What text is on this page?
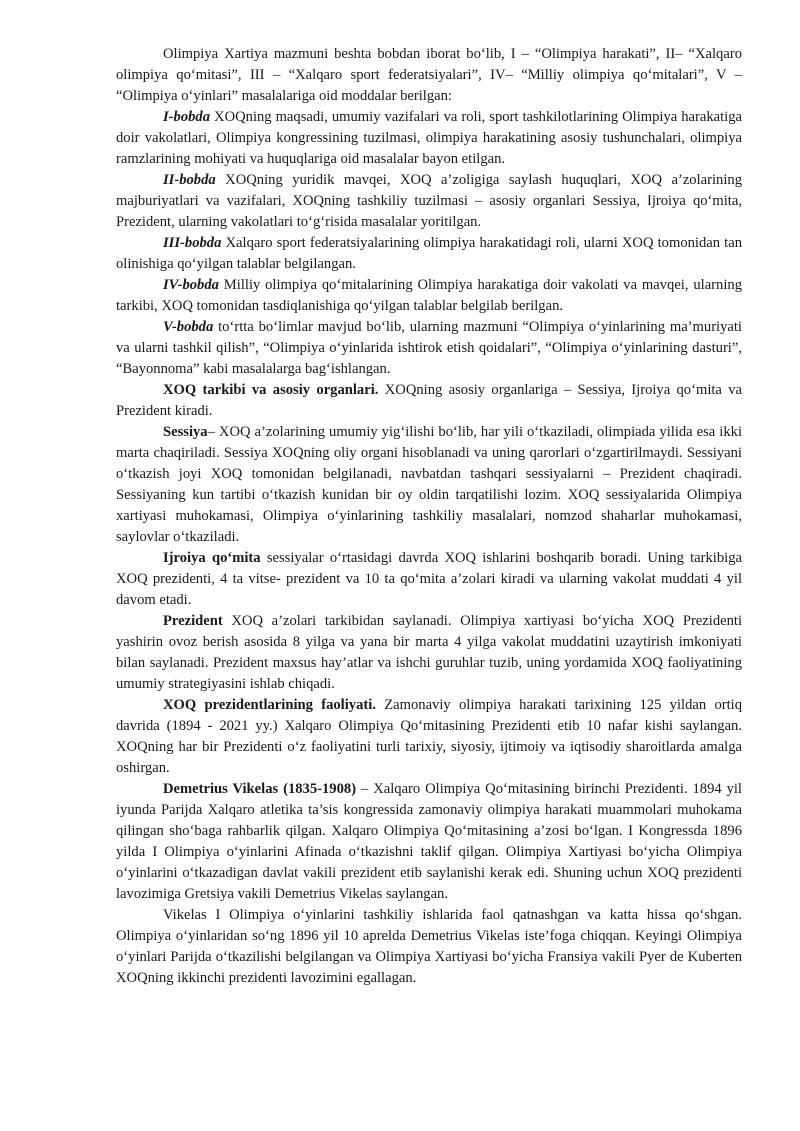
Olimpiya Xartiya mazmuni beshta bobdan iborat boʻlib, I – “Olimpiya harakati”, II– “Xalqaro olimpiya qoʻmitasi”, III – “Xalqaro sport federatsiyalari”, IV– “Milliy olimpiya qoʻmitalari”, V – “Olimpiya oʻyinlari” masalalariga oid moddalar berilgan:

I-bobda XOQning maqsadi, umumiy vazifalari va roli, sport tashkilotlarining Olimpiya harakatiga doir vakolatlari, Olimpiya kongressining tuzilmasi, olimpiya harakatining asosiy tushunchalari, olimpiya ramzlarining mohiyati va huquqlariga oid masalalar bayon etilgan.

II-bobda XOQning yuridik mavqei, XOQ a’zoligiga saylash huquqlari, XOQ a’zolarining majburiyatlari va vazifalari, XOQning tashkiliy tuzilmasi – asosiy organlari Sessiya, Ijroiya qoʻmita, Prezident, ularning vakolatlari toʻgʻrisida masalalar yoritilgan.

III-bobda Xalqaro sport federatsiyalarining olimpiya harakatidagi roli, ularni XOQ tomonidan tan olinishiga qoʻyilgan talablar belgilangan.

IV-bobda Milliy olimpiya qoʻmitalarining Olimpiya harakatiga doir vakolati va mavqei, ularning tarkibi, XOQ tomonidan tasdiqlanishiga qoʻyilgan talablar belgilab berilgan.

V-bobda toʻrtta boʻlimlar mavjud boʻlib, ularning mazmuni “Olimpiya oʻyinlarining ma’muriyati va ularni tashkil qilish”, “Olimpiya oʻyinlarida ishtirok etish qoidalari”, “Olimpiya oʻyinlarining dasturi”, “Bayonnoma” kabi masalalarga bagʻishlangan.

XOQ tarkibi va asosiy organlari. XOQning asosiy organlariga – Sessiya, Ijroiya qoʻmita va Prezident kiradi.

Sessiya– XOQ a’zolarining umumiy yigʻilishi boʻlib, har yili oʻtkaziladi, olimpiada yilida esa ikki marta chaqiriladi. Sessiya XOQning oliy organi hisoblanadi va uning qarorlari oʻzgartirilmaydi. Sessiyani oʻtkazish joyi XOQ tomonidan belgilanadi, navbatdan tashqari sessiyalarni – Prezident chaqiradi. Sessiyaning kun tartibi oʻtkazish kunidan bir oy oldin tarqatilishi lozim. XOQ sessiyalarida Olimpiya xartiyasi muhokamasi, Olimpiya oʻyinlarining tashkiliy masalalari, nomzod shaharlar muhokamasi, saylovlar oʻtkaziladi.

Ijroiya qoʻmita sessiyalar oʻrtasidagi davrda XOQ ishlarini boshqarib boradi. Uning tarkibiga XOQ prezidenti, 4 ta vitse- prezident va 10 ta qoʻmita a’zolari kiradi va ularning vakolat muddati 4 yil davom etadi.

Prezident XOQ a’zolari tarkibidan saylanadi. Olimpiya xartiyasi boʻyicha XOQ Prezidenti yashirin ovoz berish asosida 8 yilga va yana bir marta 4 yilga vakolat muddatini uzaytirish imkoniyati bilan saylanadi. Prezident maxsus hay’atlar va ishchi guruhlar tuzib, uning yordamida XOQ faoliyatining umumiy strategiyasini ishlab chiqadi.

XOQ prezidentlarining faoliyati. Zamonaviy olimpiya harakati tarixining 125 yildan ortiq davrida (1894 - 2021 yy.) Xalqaro Olimpiya Qoʻmitasining Prezidenti etib 10 nafar kishi saylangan. XOQning har bir Prezidenti oʻz faoliyatini turli tarixiy, siyosiy, ijtimoiy va iqtisodiy sharoitlarda amalga oshirgan.

Demetrius Vikelas (1835-1908) – Xalqaro Olimpiya Qoʻmitasining birinchi Prezidenti. 1894 yil iyunda Parijda Xalqaro atletika ta’sis kongressida zamonaviy olimpiya harakati muammolari muhokama qilingan shoʻbaga rahbarlik qilgan. Xalqaro Olimpiya Qoʻmitasining a’zosi boʻlgan. I Kongressda 1896 yilda I Olimpiya oʻyinlarini Afinada oʻtkazishni taklif qilgan. Olimpiya Xartiyasi boʻyicha Olimpiya oʻyinlarini oʻtkazadigan davlat vakili prezident etib saylanishi kerak edi. Shuning uchun XOQ prezidenti lavozimiga Gretsiya vakili Demetrius Vikelas saylangan.

Vikelas I Olimpiya oʻyinlarini tashkiliy ishlarida faol qatnashgan va katta hissa qoʻshgan. Olimpiya oʻyinlaridan soʻng 1896 yil 10 aprelda Demetrius Vikelas iste’foga chiqqan. Keyingi Olimpiya oʻyinlari Parijda oʻtkazilishi belgilangan va Olimpiya Xartiyasi boʻyicha Fransiya vakili Pyer de Kuberten XOQning ikkinchi prezidenti lavozimini egallagan.
